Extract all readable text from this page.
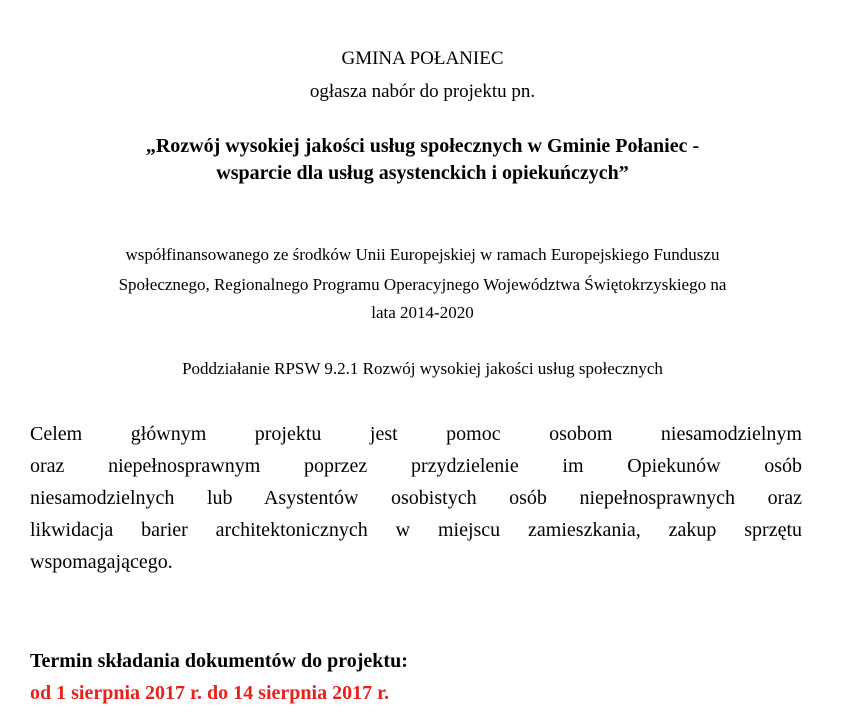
GMINA POŁANIEC
ogłasza nabór do projektu pn.
„Rozwój wysokiej jakości usług społecznych w Gminie Połaniec -
wsparcie dla usług asystenckich i opiekuńczych”
współfinansowanego ze środków Unii Europejskiej w ramach Europejskiego Funduszu
Społecznego, Regionalnego Programu Operacyjnego Województwa Świętokrzyskiego na
lata 2014-2020
Poddziałanie RPSW 9.2.1 Rozwój wysokiej jakości usług społecznych
Celem głównym projektu jest pomoc osobom niesamodzielnym
oraz niepełnosprawnym poprzez przydzielenie im Opiekunów osób
niesamodzielnych lub Asystentów osobistych osób niepełnosprawnych oraz
likwidacja barier architektonicznych w miejscu zamieszkania, zakup sprzętu
wspomagającego.
Termin składania dokumentów do projektu:
od 1 sierpnia 2017 r. do 14 sierpnia 2017 r.
